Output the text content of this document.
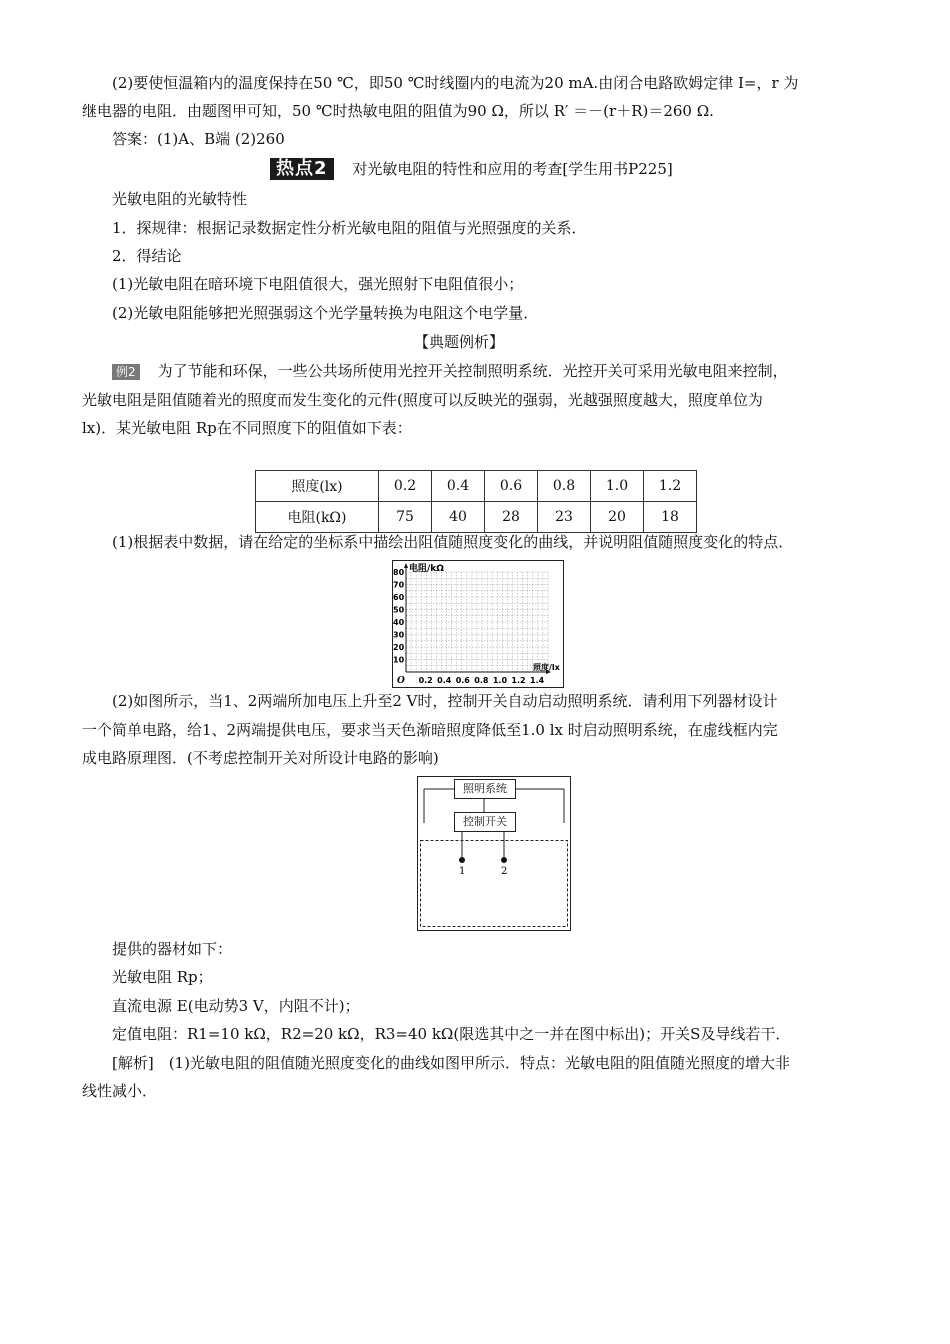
(2)要使恒温箱内的温度保持在50 ℃，即50 ℃时线圈内的电流为20 mA.由闭合电路欧姆定律 I=，r 为
继电器的电阻．由题图甲可知，50 ℃时热敏电阻的阻值为90 Ω，所以 R′ ＝－(r＋R)＝260 Ω.
答案：(1)A、B端 (2)260
热点2 对光敏电阻的特性和应用的考查[学生用书P225]
光敏电阻的光敏特性
1．探规律：根据记录数据定性分析光敏电阻的阻值与光照强度的关系．
2．得结论
(1)光敏电阻在暗环境下电阻值很大，强光照射下电阻值很小；
(2)光敏电阻能够把光照强弱这个光学量转换为电阻这个电学量．
【典题例析】
例2 为了节能和环保，一些公共场所使用光控开关控制照明系统．光控开关可采用光敏电阻来控制，
光敏电阻是阻值随着光的照度而发生变化的元件(照度可以反映光的强弱，光越强照度越大，照度单位为
lx)．某光敏电阻 Rp在不同照度下的阻值如下表：
照度(lx)	0.2	0.4	0.6	0.8	1.0	1.2
电阻(kΩ)	75	40	28	23	20	18
(1)根据表中数据，请在给定的坐标系中描绘出阻值随照度变化的曲线，并说明阻值随照度变化的特点．
电阻/kΩ
照度/lx
O
80
70
60
50
40
30
20
10
0.2 0.4 0.6 0.8 1.0 1.2 1.4
(2)如图所示，当1、2两端所加电压上升至2 V时，控制开关自动启动照明系统．请利用下列器材设计
一个简单电路，给1、2两端提供电压，要求当天色渐暗照度降低至1.0 lx 时启动照明系统，在虚线框内完
成电路原理图．(不考虑控制开关对所设计电路的影响)
1	2
照明系统
控制开关
提供的器材如下：
光敏电阻 Rp；
直流电源 E(电动势3 V，内阻不计)；
定值电阻：R1=10 kΩ，R2=20 kΩ，R3=40 kΩ(限选其中之一并在图中标出)；开关S及导线若干．
[解析]　(1)光敏电阻的阻值随光照度变化的曲线如图甲所示．特点：光敏电阻的阻值随光照度的增大非
线性减小．
